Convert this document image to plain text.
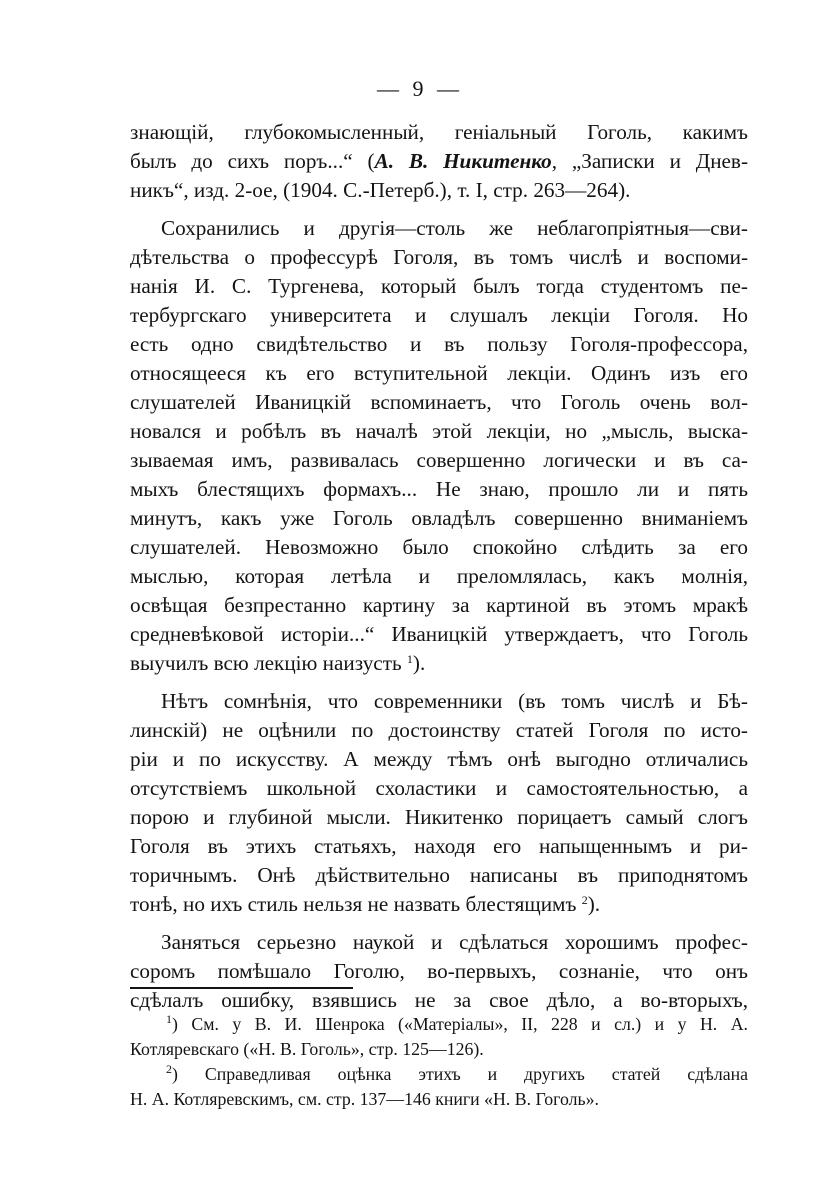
— 9 —

знающій, глубокомысленный, геніальный Гоголь, какимъ
былъ до сихъ поръ...“ (А. В. Никитенко, „Записки и Днев-
никъ“, изд. 2-ое, (1904. С.-Петерб.), т. I, стр. 263—264).

Сохранились и другія—столь же неблагопріятныя—сви-
дѣтельства о профессурѣ Гоголя, въ томъ числѣ и воспоми-
нанія И. С. Тургенева, который былъ тогда студентомъ пе-
тербургскаго университета и слушалъ лекціи Гоголя. Но
есть одно свидѣтельство и въ пользу Гоголя-профессора,
относящееся къ его вступительной лекціи. Одинъ изъ его
слушателей Иваницкій вспоминаетъ, что Гоголь очень вол-
новался и робѣлъ въ началѣ этой лекціи, но „мысль, выска-
зываемая имъ, развивалась совершенно логически и въ са-
мыхъ блестящихъ формахъ... Не знаю, прошло ли и пять
минутъ, какъ уже Гоголь овладѣлъ совершенно вниманіемъ
слушателей. Невозможно было спокойно слѣдить за его
мыслью, которая летѣла и преломлялась, какъ молнія,
освѣщая безпрестанно картину за картиной въ этомъ мракѣ
средневѣковой исторіи...“ Иваницкій утверждаетъ, что Гоголь
выучилъ всю лекцію наизусть $^1$).

Нѣтъ сомнѣнія, что современники (въ томъ числѣ и Бѣ-
линскій) не оцѣнили по достоинству статей Гоголя по исто-
ріи и по искусству. А между тѣмъ онѣ выгодно отличались
отсутствіемъ школьной схоластики и самостоятельностью, а
порою и глубиной мысли. Никитенко порицаетъ самый слогъ
Гоголя въ этихъ статьяхъ, находя его напыщеннымъ и ри-
торичнымъ. Онѣ дѣйствительно написаны въ приподнятомъ
тонѣ, но ихъ стиль нельзя не назвать блестящимъ $^2$).

Заняться серьезно наукой и сдѣлаться хорошимъ профес-
соромъ помѣшало Гоголю, во-первыхъ, сознаніе, что онъ
сдѣлалъ ошибку, взявшись не за свое дѣло, а во-вторыхъ,

$^1$) См. у В. И. Шенрока («Матеріалы», II, 228 и сл.) и у Н. А.
Котляревскаго («Н. В. Гоголь», стр. 125—126).
$^2$) Справедливая оцѣнка этихъ и другихъ статей сдѣлана
Н. А. Котляревскимъ, см. стр. 137—146 книги «Н. В. Гоголь».
